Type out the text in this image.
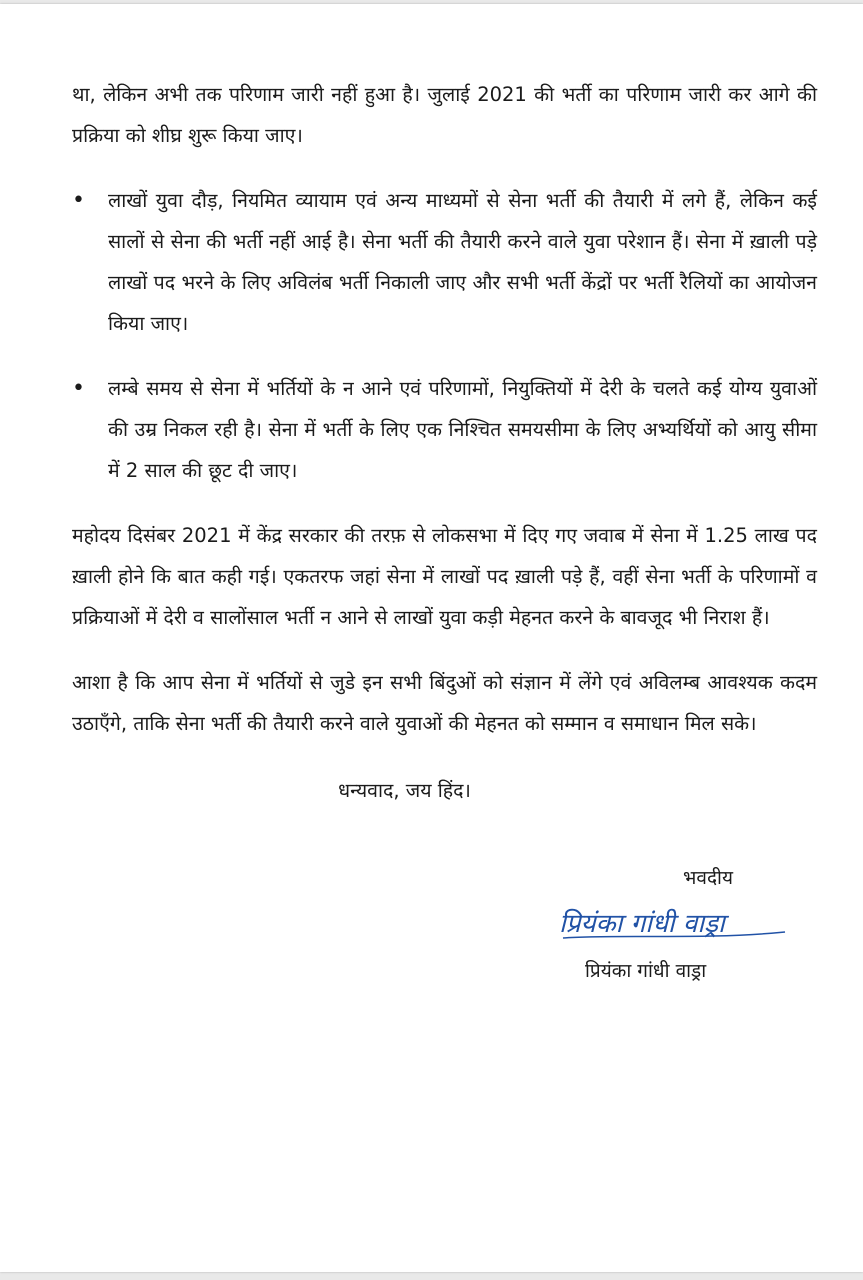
था, लेकिन अभी तक परिणाम जारी नहीं हुआ है। जुलाई 2021 की भर्ती का परिणाम जारी कर आगे की प्रक्रिया को शीघ्र शुरू किया जाए।

• लाखों युवा दौड़, नियमित व्यायाम एवं अन्य माध्यमों से सेना भर्ती की तैयारी में लगे हैं, लेकिन कई सालों से सेना की भर्ती नहीं आई है। सेना भर्ती की तैयारी करने वाले युवा परेशान हैं। सेना में ख़ाली पड़े लाखों पद भरने के लिए अविलंब भर्ती निकाली जाए और सभी भर्ती केंद्रों पर भर्ती रैलियों का आयोजन किया जाए।
• लम्बे समय से सेना में भर्तियों के न आने एवं परिणामों, नियुक्तियों में देरी के चलते कई योग्य युवाओं की उम्र निकल रही है। सेना में भर्ती के लिए एक निश्चित समयसीमा के लिए अभ्यर्थियों को आयु सीमा में 2 साल की छूट दी जाए।

महोदय दिसंबर 2021 में केंद्र सरकार की तरफ़ से लोकसभा में दिए गए जवाब में सेना में 1.25 लाख पद ख़ाली होने कि बात कही गई। एकतरफ जहां सेना में लाखों पद ख़ाली पड़े हैं, वहीं सेना भर्ती के परिणामों व प्रक्रियाओं में देरी व सालोंसाल भर्ती न आने से लाखों युवा कड़ी मेहनत करने के बावजूद भी निराश हैं।

आशा है कि आप सेना में भर्तियों से जुडे इन सभी बिंदुओं को संज्ञान में लेंगे एवं अविलम्ब आवश्यक कदम उठाएँगे, ताकि सेना भर्ती की तैयारी करने वाले युवाओं की मेहनत को सम्मान व समाधान मिल सके।

धन्यवाद, जय हिंद।

भवदीय
प्रियंका गांधी वाड्रा
प्रियंका गांधी वाड्रा
